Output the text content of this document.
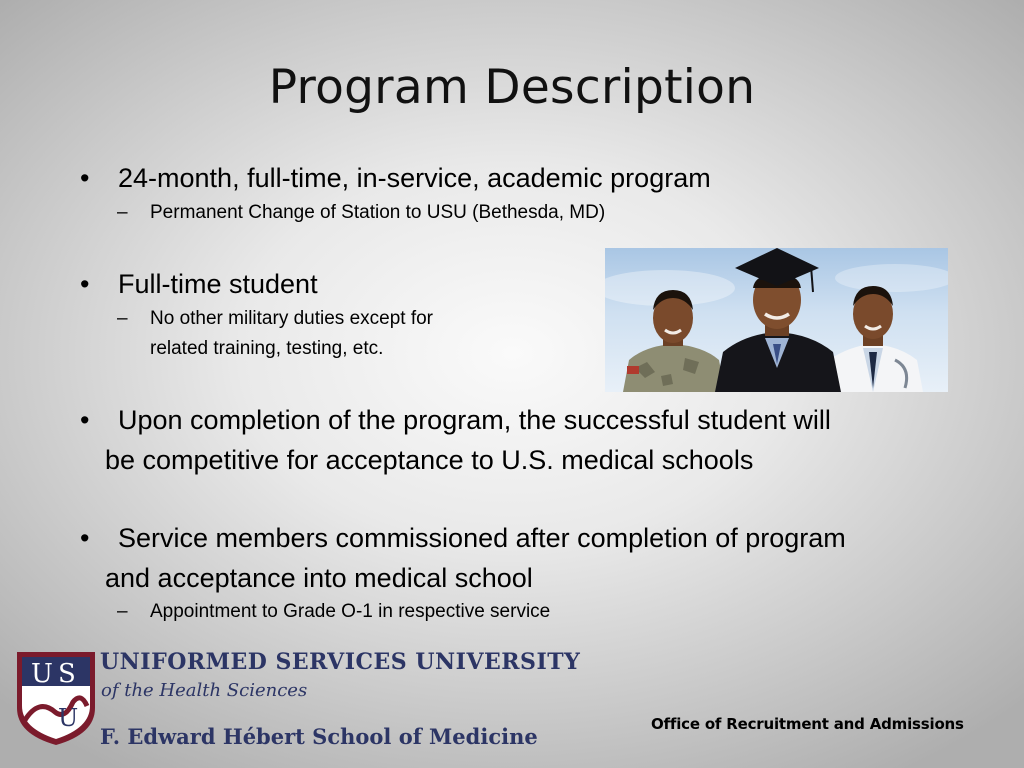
Program Description
•	24-month, full-time, in-service, academic program
–	Permanent Change of Station to USU (Bethesda, MD)
•	Full-time student
–	No other military duties except for
related training, testing, etc.
•	Upon completion of the program, the successful student will
be competitive for acceptance to U.S. medical schools
•	Service members commissioned after completion of program
and acceptance into medical school
–	Appointment to Grade O-1 in respective service
U S
U
UNIFORMED SERVICES UNIVERSITY
of the Health Sciences
F. Edward Hébert School of Medicine	Office of Recruitment and Admissions
